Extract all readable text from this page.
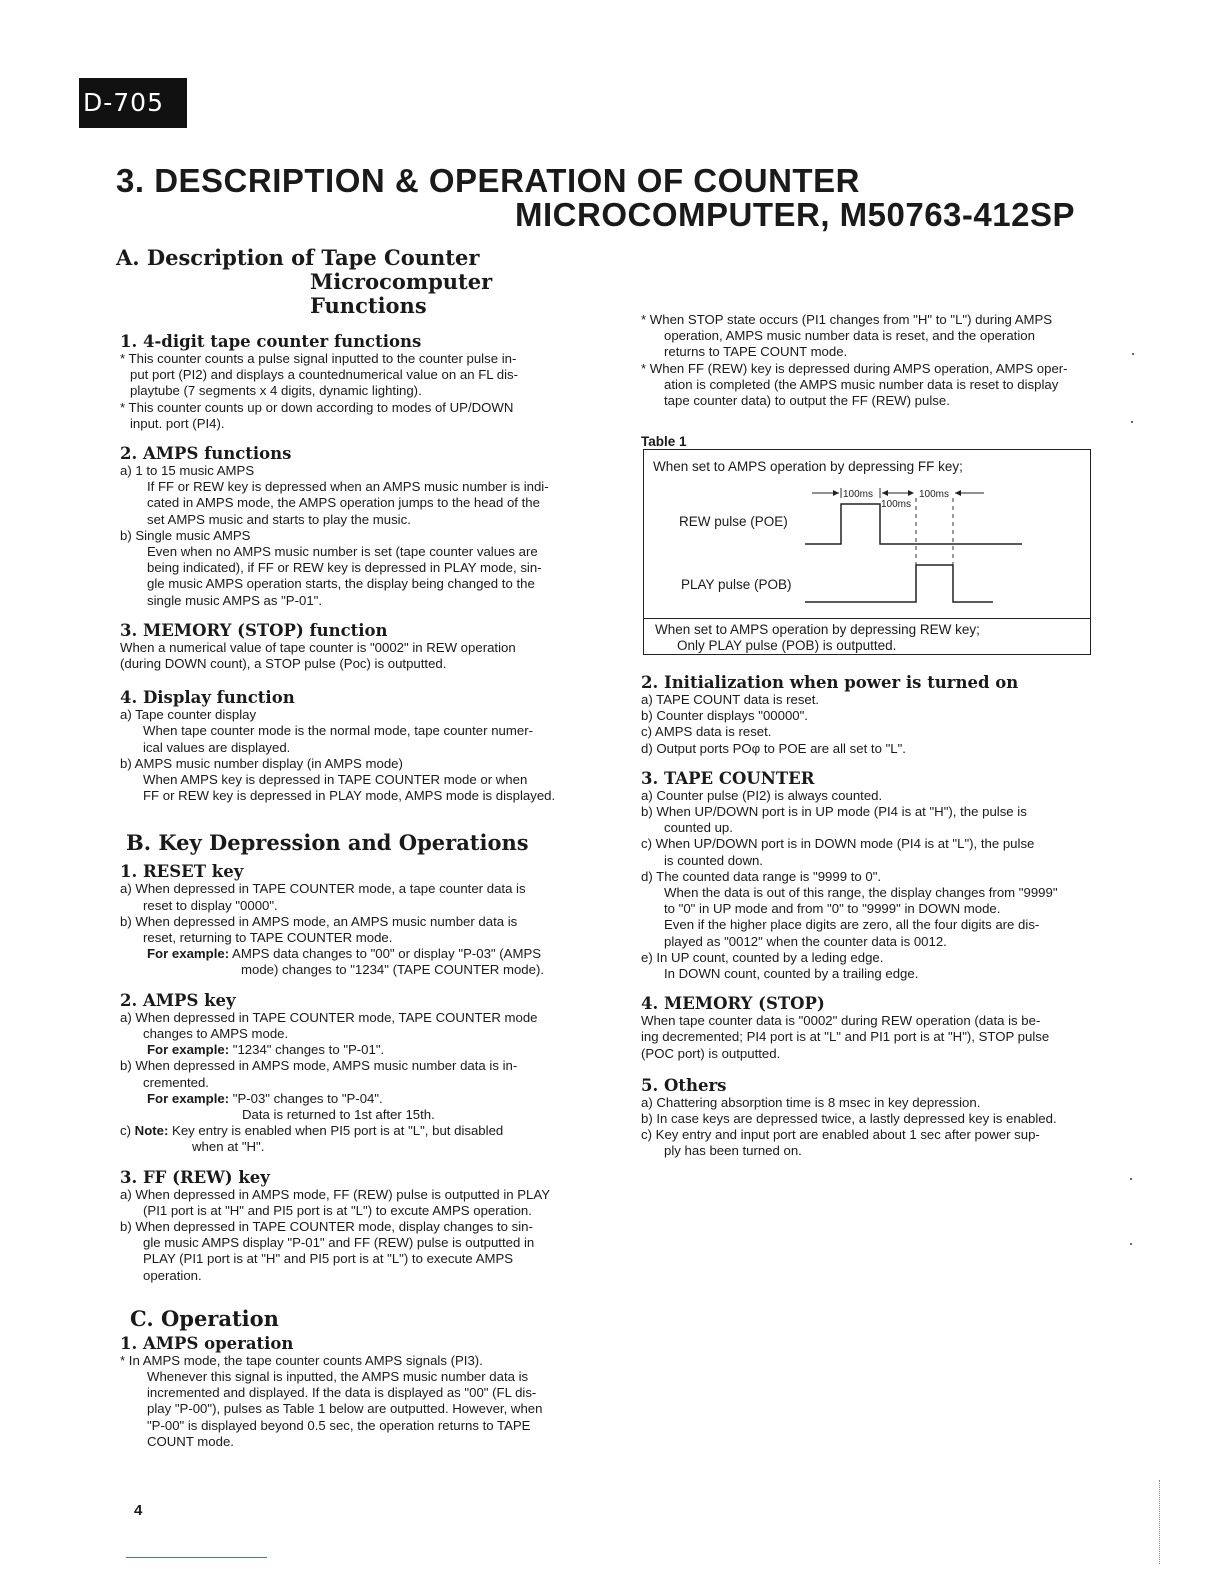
D-705
3. DESCRIPTION & OPERATION OF COUNTER
MICROCOMPUTER, M50763-412SP
A. Description of Tape Counter
Microcomputer Functions
1. 4-digit tape counter functions
* This counter counts a pulse signal inputted to the counter pulse in-
put port (PI2) and displays a countednumerical value on an FL dis-
playtube (7 segments x 4 digits, dynamic lighting).
* This counter counts up or down according to modes of UP/DOWN
input. port (PI4).
2. AMPS functions
a) 1 to 15 music AMPS
If FF or REW key is depressed when an AMPS music number is indi-
cated in AMPS mode, the AMPS operation jumps to the head of the
set AMPS music and starts to play the music.
b) Single music AMPS
Even when no AMPS music number is set (tape counter values are
being indicated), if FF or REW key is depressed in PLAY mode, sin-
gle music AMPS operation starts, the display being changed to the
single music AMPS as "P-01".
3. MEMORY (STOP) function
When a numerical value of tape counter is "0002" in REW operation
(during DOWN count), a STOP pulse (Poc) is outputted.
4. Display function
a) Tape counter display
When tape counter mode is the normal mode, tape counter numer-
ical values are displayed.
b) AMPS music number display (in AMPS mode)
When AMPS key is depressed in TAPE COUNTER mode or when
FF or REW key is depressed in PLAY mode, AMPS mode is displayed.
B. Key Depression and Operations
1. RESET key
a) When depressed in TAPE COUNTER mode, a tape counter data is
reset to display "0000".
b) When depressed in AMPS mode, an AMPS music number data is
reset, returning to TAPE COUNTER mode.
For example: AMPS data changes to "00" or display "P-03" (AMPS
mode) changes to "1234" (TAPE COUNTER mode).
2. AMPS key
a) When depressed in TAPE COUNTER mode, TAPE COUNTER mode
changes to AMPS mode.
For example: "1234" changes to "P-01".
b) When depressed in AMPS mode, AMPS music number data is in-
cremented.
For example: "P-03" changes to "P-04".
Data is returned to 1st after 15th.
c) Note: Key entry is enabled when PI5 port is at "L", but disabled
when at "H".
3. FF (REW) key
a) When depressed in AMPS mode, FF (REW) pulse is outputted in PLAY
(PI1 port is at "H" and PI5 port is at "L") to excute AMPS operation.
b) When depressed in TAPE COUNTER mode, display changes to sin-
gle music AMPS display "P-01" and FF (REW) pulse is outputted in
PLAY (PI1 port is at "H" and PI5 port is at "L") to execute AMPS
operation.
C. Operation
1. AMPS operation
* In AMPS mode, the tape counter counts AMPS signals (PI3).
Whenever this signal is inputted, the AMPS music number data is
incremented and displayed. If the data is displayed as "00" (FL dis-
play "P-00"), pulses as Table 1 below are outputted. However, when
"P-00" is displayed beyond 0.5 sec, the operation returns to TAPE
COUNT mode.
* When STOP state occurs (PI1 changes from "H" to "L") during AMPS
operation, AMPS music number data is reset, and the operation
returns to TAPE COUNT mode.
* When FF (REW) key is depressed during AMPS operation, AMPS oper-
ation is completed (the AMPS music number data is reset to display
tape counter data) to output the FF (REW) pulse.
Table 1
When set to AMPS operation by depressing FF key;
REW pulse (POE)
PLAY pulse (POB)
100ms	100ms
100ms
When set to AMPS operation by depressing REW key;
Only PLAY pulse (POB) is outputted.
2. Initialization when power is turned on
a) TAPE COUNT data is reset.
b) Counter displays "00000".
c) AMPS data is reset.
d) Output ports POφ to POE are all set to "L".
3. TAPE COUNTER
a) Counter pulse (PI2) is always counted.
b) When UP/DOWN port is in UP mode (PI4 is at "H"), the pulse is
counted up.
c) When UP/DOWN port is in DOWN mode (PI4 is at "L"), the pulse
is counted down.
d) The counted data range is "9999 to 0".
When the data is out of this range, the display changes from "9999"
to "0" in UP mode and from "0" to "9999" in DOWN mode.
Even if the higher place digits are zero, all the four digits are dis-
played as "0012" when the counter data is 0012.
e) In UP count, counted by a leding edge.
In DOWN count, counted by a trailing edge.
4. MEMORY (STOP)
When tape counter data is "0002" during REW operation (data is be-
ing decremented; PI4 port is at "L" and PI1 port is at "H"), STOP pulse
(POC port) is outputted.
5. Others
a) Chattering absorption time is 8 msec in key depression.
b) In case keys are depressed twice, a lastly depressed key is enabled.
c) Key entry and input port are enabled about 1 sec after power sup-
ply has been turned on.
4
